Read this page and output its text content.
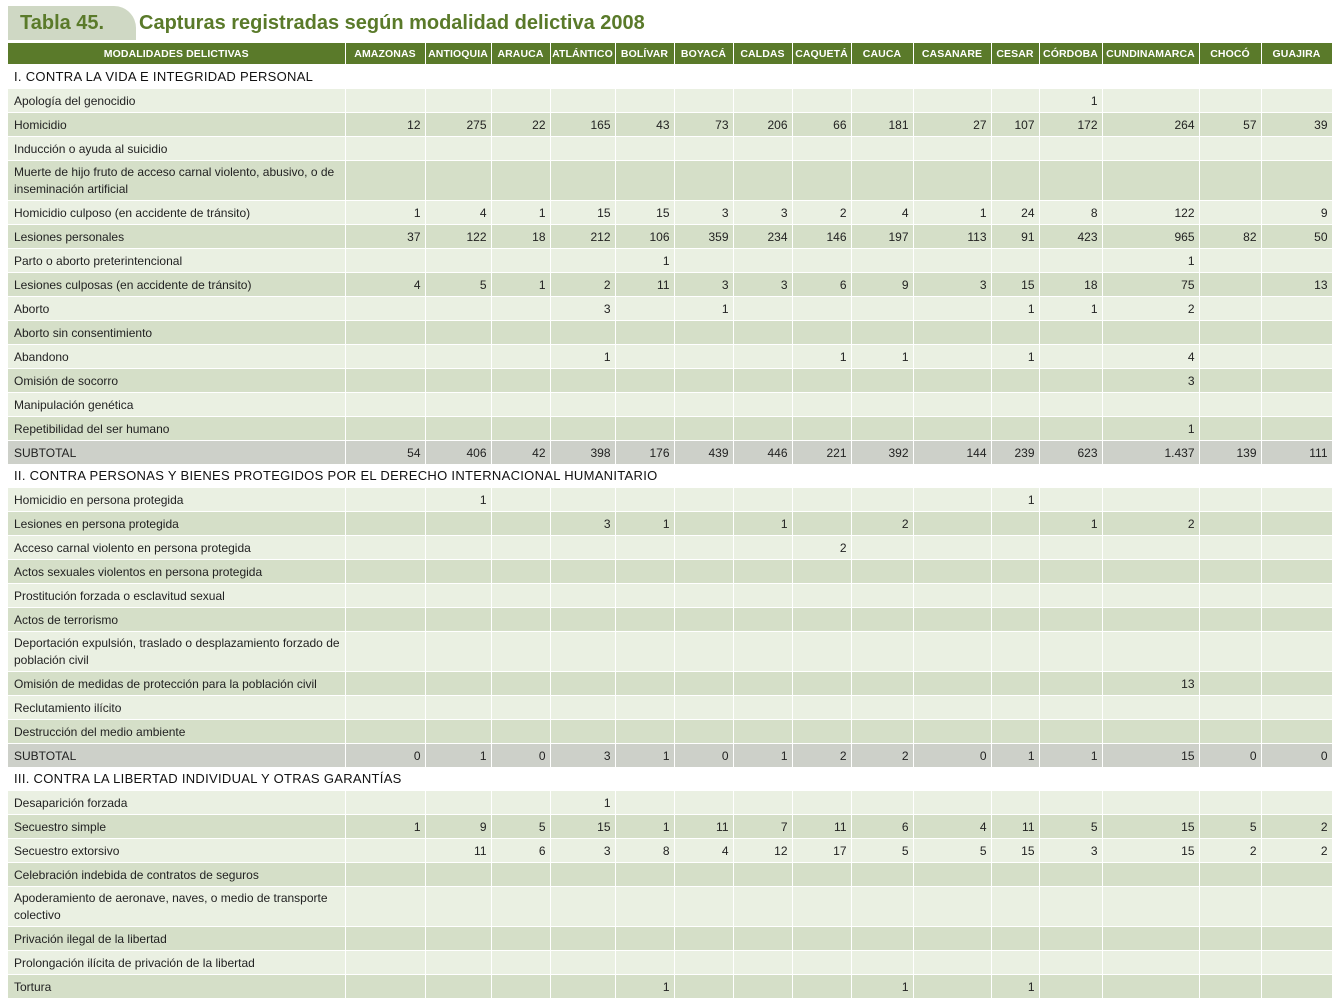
Tabla 45.	Capturas registradas según modalidad delictiva 2008
MODALIDADES DELICTIVAS	AMAZONAS	ANTIOQUIA	ARAUCA	ATLÁNTICO	BOLÍVAR	BOYACÁ	CALDAS	CAQUETÁ	CAUCA	CASANARE	CESAR	CÓRDOBA	CUNDINAMARCA	CHOCÓ	GUAJIRA
I. CONTRA LA VIDA E INTEGRIDAD PERSONAL															
Apología del genocidio												1			
Homicidio	12	275	22	165	43	73	206	66	181	27	107	172	264	57	39
Inducción o ayuda al suicidio															
Muerte de hijo fruto de acceso carnal violento, abusivo, o de inseminación artificial															
Homicidio culposo (en accidente de tránsito)	1	4	1	15	15	3	3	2	4	1	24	8	122		9
Lesiones personales	37	122	18	212	106	359	234	146	197	113	91	423	965	82	50
Parto o aborto preterintencional					1								1		
Lesiones culposas (en accidente de tránsito)	4	5	1	2	11	3	3	6	9	3	15	18	75		13
Aborto				3		1					1	1	2		
Aborto sin consentimiento															
Abandono				1				1	1		1		4		
Omisión de socorro													3		
Manipulación genética															
Repetibilidad del ser humano													1		
SUBTOTAL	54	406	42	398	176	439	446	221	392	144	239	623	1.437	139	111
II. CONTRA PERSONAS Y BIENES PROTEGIDOS POR EL DERECHO INTERNACIONAL HUMANITARIO															
Homicidio en persona protegida		1									1				
Lesiones en persona protegida				3	1		1		2			1	2		
Acceso carnal violento en persona protegida								2							
Actos sexuales violentos en persona protegida															
Prostitución forzada o esclavitud sexual															
Actos de terrorismo															
Deportación expulsión, traslado o desplazamiento forzado de población civil															
Omisión de medidas de protección para la población civil													13		
Reclutamiento ilícito															
Destrucción del medio ambiente															
SUBTOTAL	0	1	0	3	1	0	1	2	2	0	1	1	15	0	0
III. CONTRA LA LIBERTAD INDIVIDUAL Y OTRAS GARANTÍAS															
Desaparición forzada				1											
Secuestro simple	1	9	5	15	1	11	7	11	6	4	11	5	15	5	2
Secuestro extorsivo		11	6	3	8	4	12	17	5	5	15	3	15	2	2
Celebración indebida de contratos de seguros															
Apoderamiento de aeronave, naves, o medio de transporte colectivo															
Privación ilegal de la libertad															
Prolongación ilícita de privación de la libertad															
Tortura					1				1		1				
